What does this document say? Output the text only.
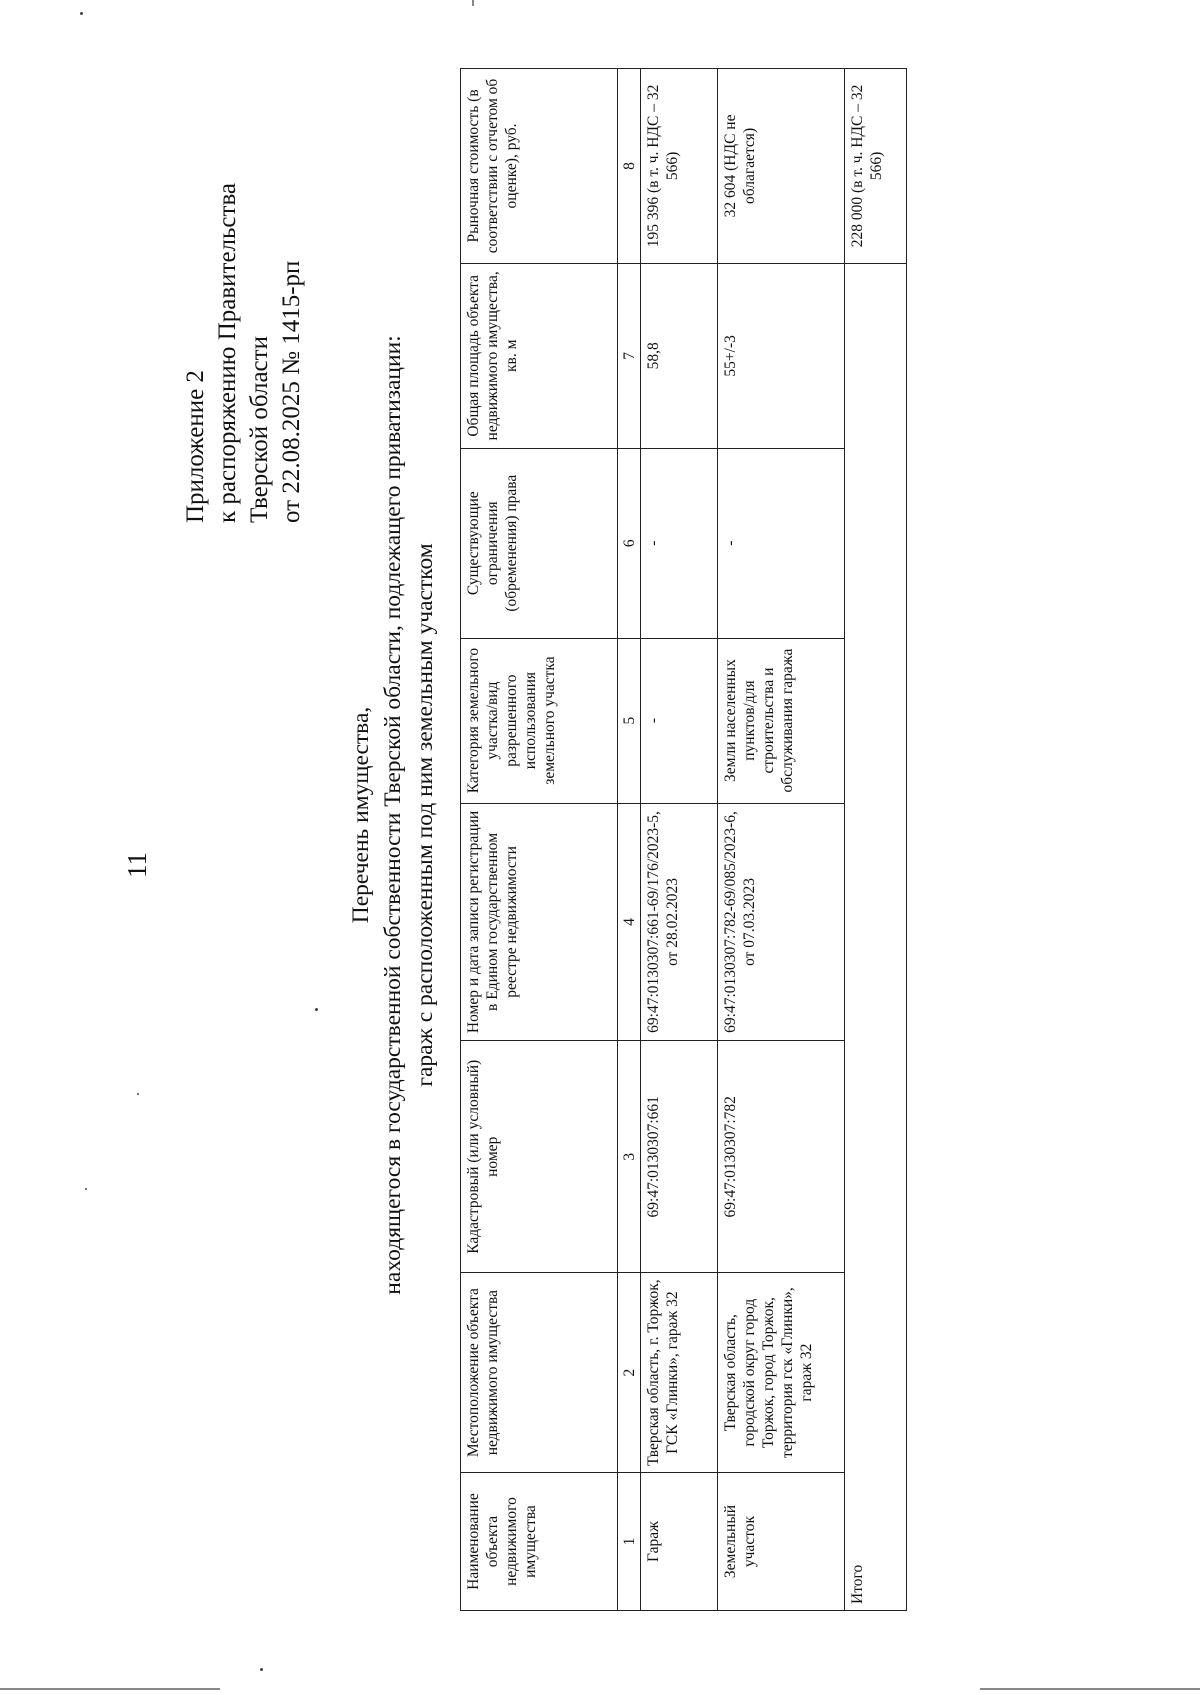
11
Приложение 2 к распоряжению Правительства Тверской области от 22.08.2025 № 1415-рп
Перечень имущества, находящегося в государственной собственности Тверской области, подлежащего приватизации: гараж с расположенным под ним земельным участком
Наименование объекта недвижимого имущества	Местоположение объекта недвижимого имущества	Кадастровый (или условный) номер	Номер и дата записи регистрации в Едином государственном реестре недвижимости	Категория земельного участка/вид разрешенного использования земельного участка	Существующие ограничения (обременения) права	Общая площадь объекта недвижимого имущества, кв. м	Рыночная стоимость (в соответствии с отчетом об оценке), руб.
1	2	3	4	5	6	7	8
Гараж	Тверская область, г. Торжок, ГСК «Глинки», гараж 32	69:47:0130307:661	69:47:0130307:661-69/176/2023-5, от 28.02.2023	-	-	58,8	195 396 (в т. ч. НДС – 32 566)
Земельный участок	Тверская область, городской округ город Торжок, город Торжок, территория гск «Глинки», гараж 32	69:47:0130307:782	69:47:0130307:782-69/085/2023-6, от 07.03.2023	Земли населенных пунктов/для строительства и обслуживания гаража	-	55+/-3	32 604 (НДС не облагается)
Итого							228 000 (в т. ч. НДС – 32 566)
